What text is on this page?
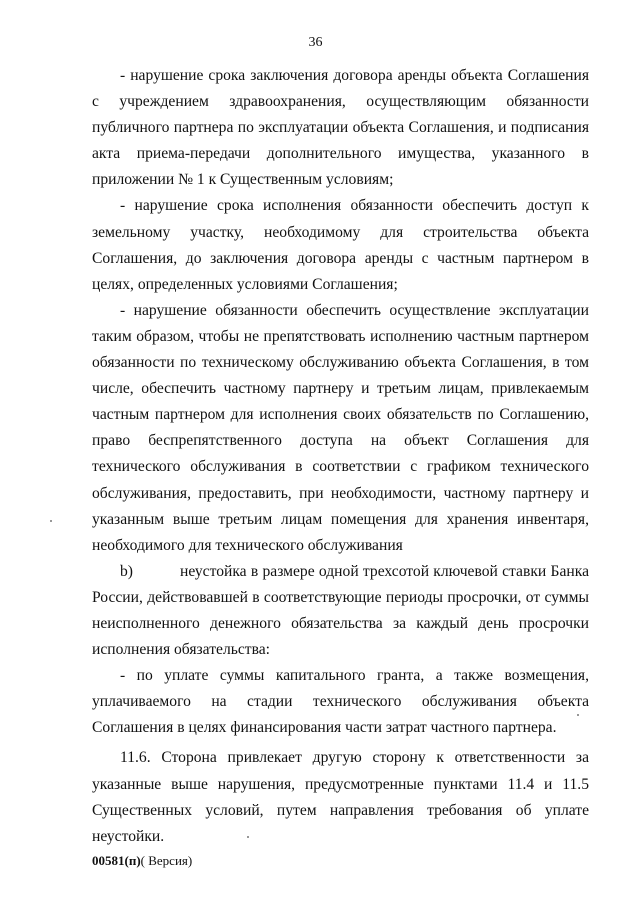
36

- нарушение срока заключения договора аренды объекта Соглашения с учреждением здравоохранения, осуществляющим обязанности публичного партнера по эксплуатации объекта Соглашения, и подписания акта приема-передачи дополнительного имущества, указанного в приложении № 1 к Существенным условиям;

- нарушение срока исполнения обязанности обеспечить доступ к земельному участку, необходимому для строительства объекта Соглашения, до заключения договора аренды с частным партнером в целях, определенных условиями Соглашения;

- нарушение обязанности обеспечить осуществление эксплуатации таким образом, чтобы не препятствовать исполнению частным партнером обязанности по техническому обслуживанию объекта Соглашения, в том числе, обеспечить частному партнеру и третьим лицам, привлекаемым частным партнером для исполнения своих обязательств по Соглашению, право беспрепятственного доступа на объект Соглашения для технического обслуживания в соответствии с графиком технического обслуживания, предоставить, при необходимости, частному партнеру и указанным выше третьим лицам помещения для хранения инвентаря, необходимого для технического обслуживания

b)	неустойка в размере одной трехсотой ключевой ставки Банка России, действовавшей в соответствующие периоды просрочки, от суммы неисполненного денежного обязательства за каждый день просрочки исполнения обязательства:

- по уплате суммы капитального гранта, а также возмещения, уплачиваемого на стадии технического обслуживания объекта Соглашения в целях финансирования части затрат частного партнера.

11.6. Сторона привлекает другую сторону к ответственности за указанные выше нарушения, предусмотренные пунктами 11.4 и 11.5 Существенных условий, путем направления требования об уплате неустойки.

00581(п)( Версия)
